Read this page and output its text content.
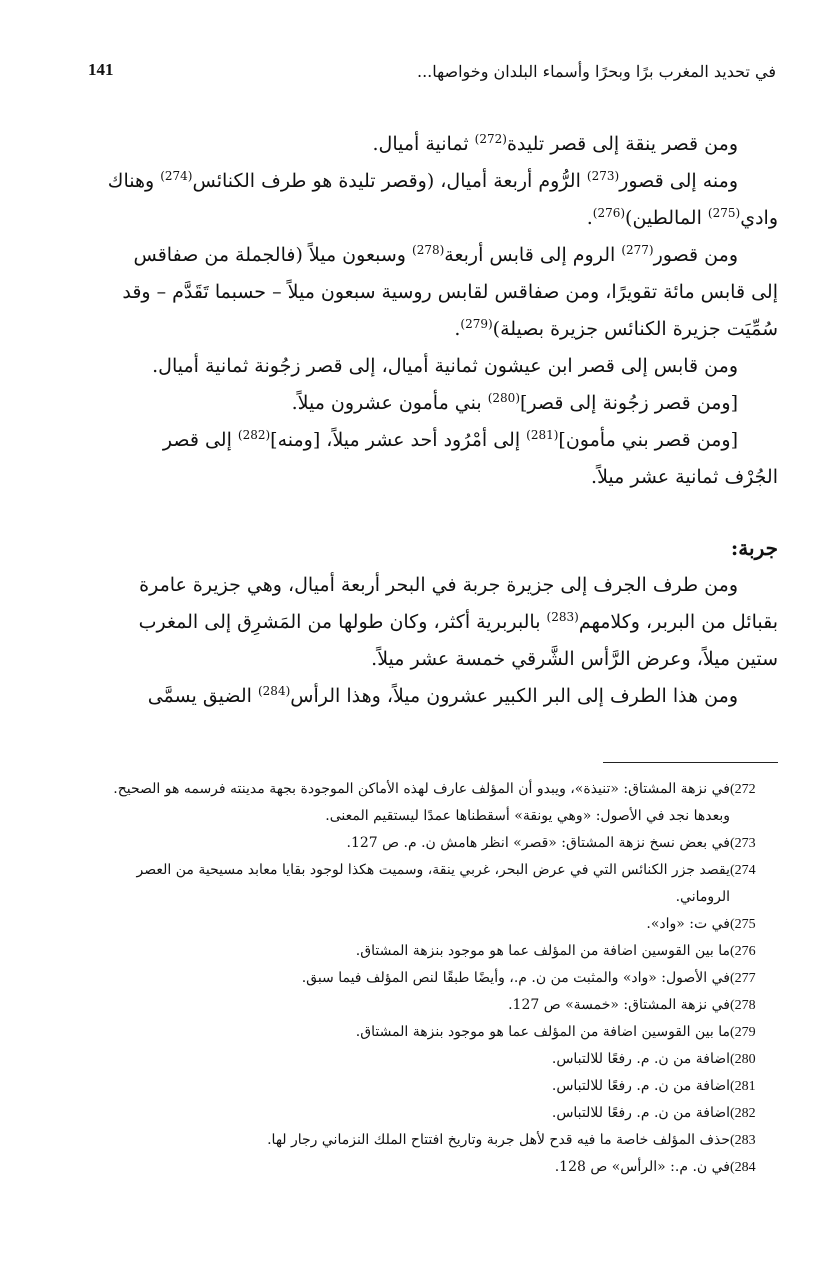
141	في تحديد المغرب برًا وبحرًا وأسماء البلدان وخواصها...
ومن قصر ينقة إلى قصر تليدة$^{(272)}$ ثمانية أميال.
ومنه إلى قصور$^{(273)}$ الرُّوم أربعة أميال، (وقصر تليدة هو طرف الكنائس$^{(274)}$ وهناك
وادي$^{(275)}$ المالطين)$^{(276)}$.
ومن قصور$^{(277)}$ الروم إلى قابس أربعة$^{(278)}$ وسبعون ميلاً (فالجملة من صفاقس
إلى قابس مائة تقويرًا، ومن صفاقس لقابس روسية سبعون ميلاً – حسبما تَقَدَّم – وقد
سُمِّيَت جزيرة الكنائس جزيرة بصيلة)$^{(279)}$.
ومن قابس إلى قصر ابن عيشون ثمانية أميال، إلى قصر زجُونة ثمانية أميال.
[ومن قصر زجُونة إلى قصر]$^{(280)}$ بني مأمون عشرون ميلاً.
[ومن قصر بني مأمون]$^{(281)}$ إلى أمْرُود أحد عشر ميلاً، [ومنه]$^{(282)}$ إلى قصر
الجُرْف ثمانية عشر ميلاً.
جربة:
ومن طرف الجرف إلى جزيرة جربة في البحر أربعة أميال، وهي جزيرة عامرة
بقبائل من البربر، وكلامهم$^{(283)}$ بالبربرية أكثر، وكان طولها من المَشرِق إلى المغرب
ستين ميلاً، وعرض الرَّأس الشَّرقي خمسة عشر ميلاً.
ومن هذا الطرف إلى البر الكبير عشرون ميلاً، وهذا الرأس$^{(284)}$ الضيق يسمَّى
(272
في نزهة المشتاق: «تنيذة»، ويبدو أن المؤلف عارف لهذه الأماكن الموجودة بجهة مدينته فرسمه هو الصحيح.
وبعدها نجد في الأصول: «وهي يونقة» أسقطناها عمدًا ليستقيم المعنى.
(273
في بعض نسخ نزهة المشتاق: «قصر» انظر هامش ن. م. ص 127.
(274
يقصد جزر الكنائس التي في عرض البحر، غربي ينقة، وسميت هكذا لوجود بقايا معابد مسيحية من العصر
الروماني.
(275
في ت: «واد».
(276
ما بين القوسين اضافة من المؤلف عما هو موجود بنزهة المشتاق.
(277
في الأصول: «واد» والمثبت من ن. م.، وأيضًا طبقًا لنص المؤلف فيما سبق.
(278
في نزهة المشتاق: «خمسة» ص 127.
(279
ما بين القوسين اضافة من المؤلف عما هو موجود بنزهة المشتاق.
(280
اضافة من ن. م. رفعًا للالتباس.
(281
اضافة من ن. م. رفعًا للالتباس.
(282
اضافة من ن. م. رفعًا للالتباس.
(283
حذف المؤلف خاصة ما فيه قدح لأهل جربة وتاريخ افتتاح الملك النزماني رجار لها.
(284
في ن. م.: «الرأس» ص 128.
